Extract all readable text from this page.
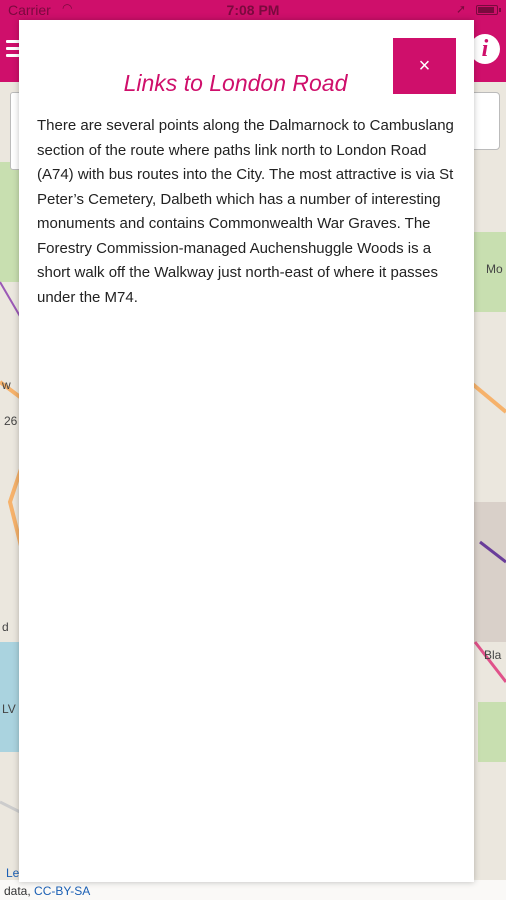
Carrier ◠	7:08 PM	➚
i
Mo
Bla
w
26
d
LV
Le
data, CC-BY-SA
×
Links to London Road
There are several points along the Dalmarnock to Cambuslang section of the route where paths link north to London Road (A74) with bus routes into the City. The most attractive is via St Peter’s Cemetery, Dalbeth which has a number of interesting monuments and contains Commonwealth War Graves. The Forestry Commission-managed Auchenshuggle Woods is a short walk off the Walkway just north-east of where it passes under the M74.
